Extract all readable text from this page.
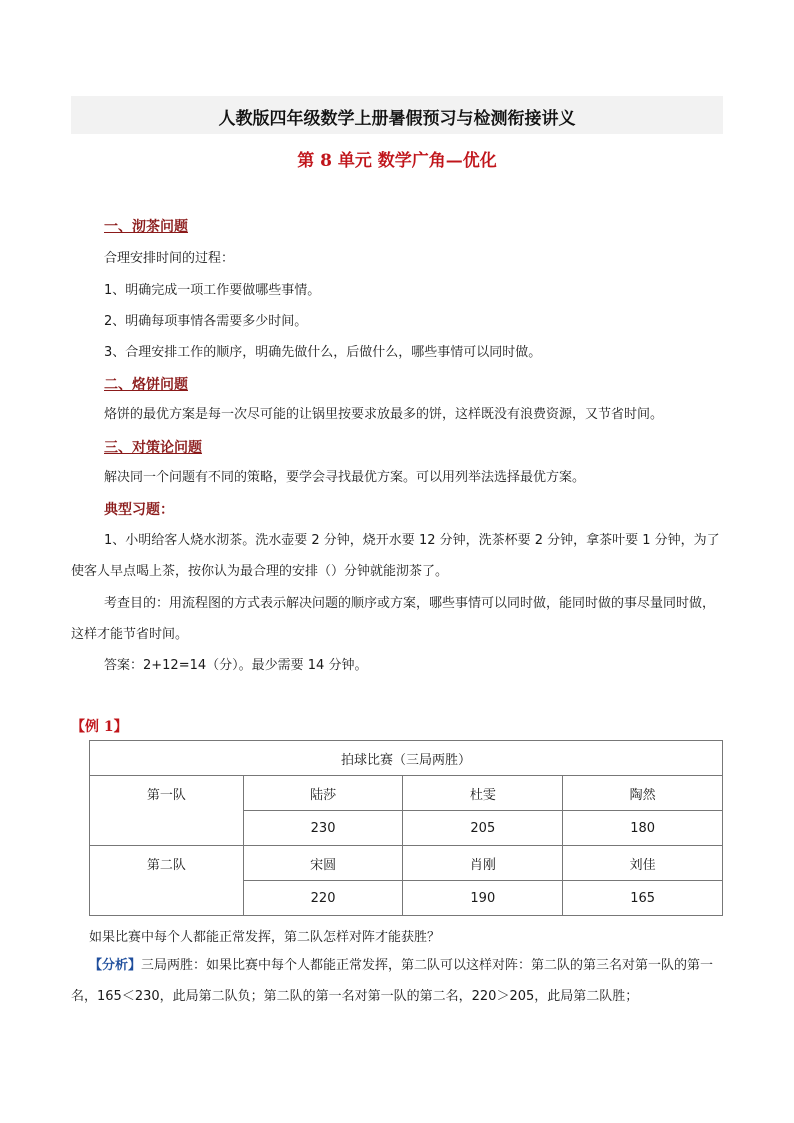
人教版四年级数学上册暑假预习与检测衔接讲义
第 8 单元 数学广角—优化
一、沏茶问题
合理安排时间的过程：
1、明确完成一项工作要做哪些事情。
2、明确每项事情各需要多少时间。
3、合理安排工作的顺序，明确先做什么，后做什么，哪些事情可以同时做。
二、烙饼问题
烙饼的最优方案是每一次尽可能的让锅里按要求放最多的饼，这样既没有浪费资源，又节省时间。
三、对策论问题
解决同一个问题有不同的策略，要学会寻找最优方案。可以用列举法选择最优方案。
典型习题：
1、小明给客人烧水沏茶。洗水壶要 2 分钟，烧开水要 12 分钟，洗茶杯要 2 分钟，拿茶叶要 1 分钟，为了使客人早点喝上茶，按你认为最合理的安排（）分钟就能沏茶了。
考查目的：用流程图的方式表示解决问题的顺序或方案，哪些事情可以同时做，能同时做的事尽量同时做，这样才能节省时间。
答案：2+12=14（分）。最少需要 14 分钟。
【例 1】
拍球比赛（三局两胜）			
第一队	陆莎	杜雯	陶然
	230	205	180
第二队	宋圆	肖刚	刘佳
	220	190	165
如果比赛中每个人都能正常发挥，第二队怎样对阵才能获胜？
【分析】三局两胜：如果比赛中每个人都能正常发挥，第二队可以这样对阵：第二队的第三名对第一队的第一名，165＜230，此局第二队负；第二队的第一名对第一队的第二名，220＞205，此局第二队胜；
